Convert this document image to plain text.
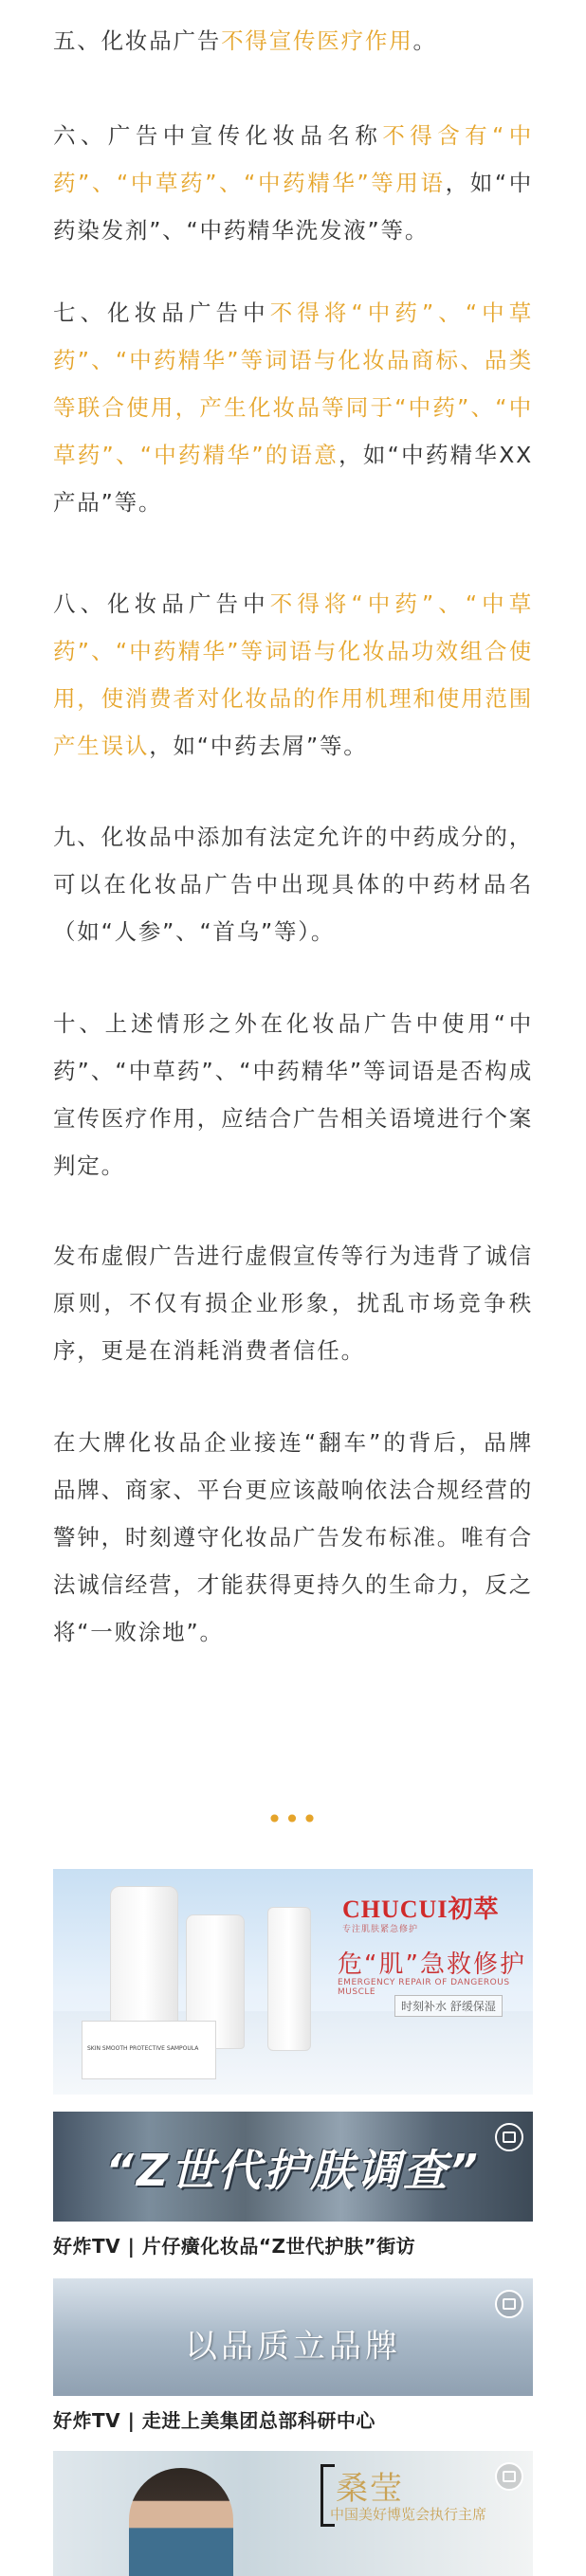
五、化妆品广告不得宣传医疗作用。

六、广告中宣传化妆品名称不得含有“中药”、“中草药”、“中药精华”等用语，如“中药染发剂”、“中药精华洗发液”等。

七、化妆品广告中不得将“中药”、“中草药”、“中药精华”等词语与化妆品商标、品类等联合使用，产生化妆品等同于“中药”、“中草药”、“中药精华”的语意，如“中药精华XX产品”等。

八、化妆品广告中不得将“中药”、“中草药”、“中药精华”等词语与化妆品功效组合使用，使消费者对化妆品的作用机理和使用范围产生误认，如“中药去屑”等。

九、化妆品中添加有法定允许的中药成分的，可以在化妆品广告中出现具体的中药材品名（如“人参”、“首乌”等）。

十、上述情形之外在化妆品广告中使用“中药”、“中草药”、“中药精华”等词语是否构成宣传医疗作用，应结合广告相关语境进行个案判定。

发布虚假广告进行虚假宣传等行为违背了诚信原则，不仅有损企业形象，扰乱市场竞争秩序，更是在消耗消费者信任。

在大牌化妆品企业接连“翻车”的背后，品牌品牌、商家、平台更应该敲响依法合规经营的警钟，时刻遵守化妆品广告发布标准。唯有合法诚信经营，才能获得更持久的生命力，反之将“一败涂地”。

•••
SKIN SMOOTH PROTECTIVE SAMPOULA
CHUCUI初萃
专注肌肤紧急修护
危“肌”急救修护
EMERGENCY REPAIR OF DANGEROUS MUSCLE
时刻补水 舒缓保湿
“Z世代护肤调查”
好炸TV | 片仔癀化妆品“Z世代护肤”街访
以品质立品牌
好炸TV | 走进上美集团总部科研中心
桑莹
中国美好博览会执行主席
